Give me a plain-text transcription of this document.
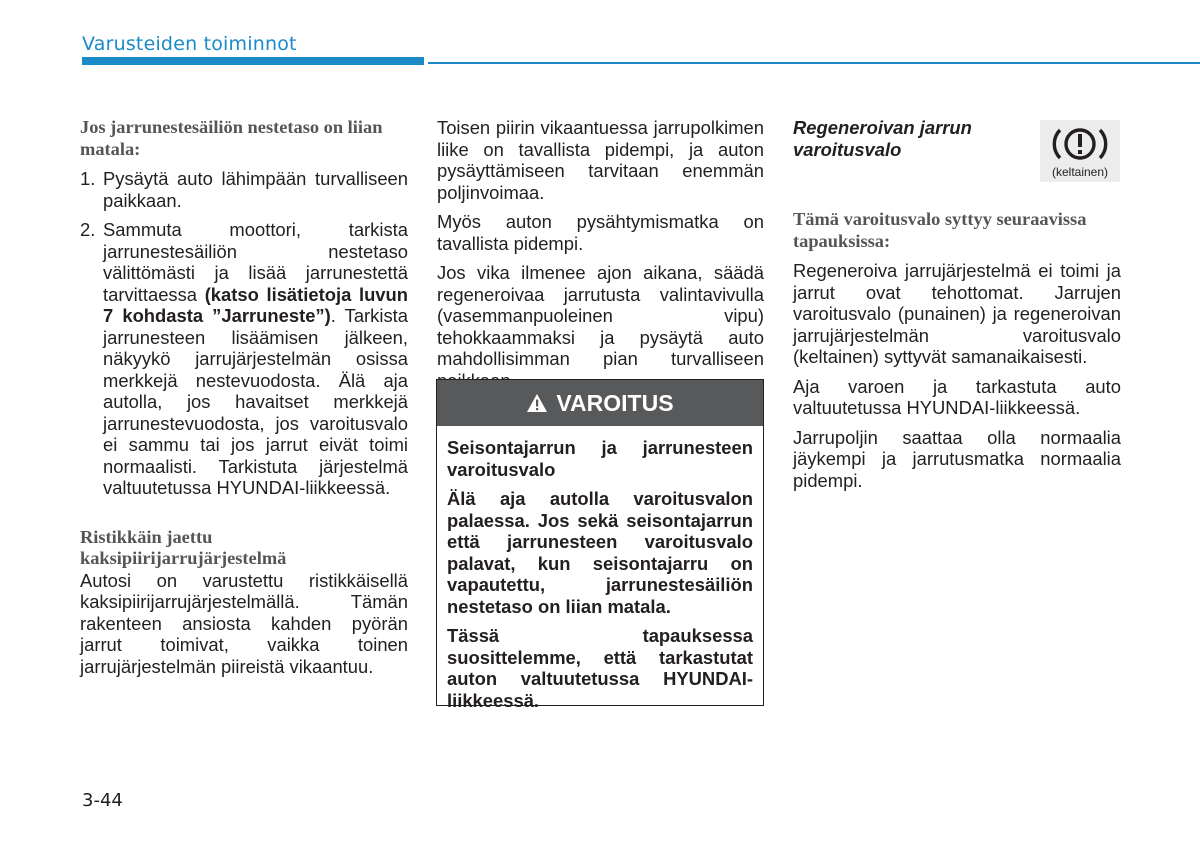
Varusteiden toiminnot

Jos jarrunestesäiliön nestetaso on liian matala:

1. Pysäytä auto lähimpään turvalliseen paikkaan.
2. Sammuta moottori, tarkista jarrunestesäiliön nestetaso välittömästi ja lisää jarrunestettä tarvittaessa (katso lisätietoja luvun 7 kohdasta ”Jarruneste”). Tarkista jarrunesteen lisäämisen jälkeen, näkyykö jarrujärjestelmän osissa merkkejä nestevuodosta. Älä aja autolla, jos havaitset merkkejä jarrunestevuodosta, jos varoitusvalo ei sammu tai jos jarrut eivät toimi normaalisti. Tarkistuta järjestelmä valtuutetussa HYUNDAI-liikkeessä.

Ristikkäin jaettu kaksipiirijarrujärjestelmä

Autosi on varustettu ristikkäisellä kaksipiirijarrujärjestelmällä. Tämän rakenteen ansiosta kahden pyörän jarrut toimivat, vaikka toinen jarrujärjestelmän piireistä vikaantuu.

Toisen piirin vikaantuessa jarrupolkimen liike on tavallista pidempi, ja auton pysäyttämiseen tarvitaan enemmän poljinvoimaa.

Myös auton pysähtymismatka on tavallista pidempi.

Jos vika ilmenee ajon aikana, säädä regeneroivaa jarrutusta valintavivulla (vasemmanpuoleinen vipu) tehokkaammaksi ja pysäytä auto mahdollisimman pian turvalliseen

VAROITUS

Seisontajarrun ja jarrunesteen varoitusvalo

Älä aja autolla varoitusvalon palaessa. Jos sekä seisontajarrun että jarrunesteen varoitusvalo palavat, kun seisontajarru on vapautettu, jarrunestesäiliön nestetaso on liian matala.

Tässä tapauksessa suosittelemme, että tarkastutat auton valtuutetussa HYUNDAI-liikkeessä.

Regeneroivan jarrun varoitusvalo

Tämä varoitusvalo syttyy seuraavissa tapauksissa:

Regeneroiva jarrujärjestelmä ei toimi ja jarrut ovat tehottomat. Jarrujen varoitusvalo (punainen) ja regeneroivan jarrujärjestelmän varoitusvalo (keltainen) syttyvät samanaikaisesti.

Aja varoen ja tarkastuta auto valtuutetussa HYUNDAI-liikkeessä.

Jarrupoljin saattaa olla normaalia jäykempi ja jarrutusmatka normaalia pidempi.

(keltainen)
3-44
